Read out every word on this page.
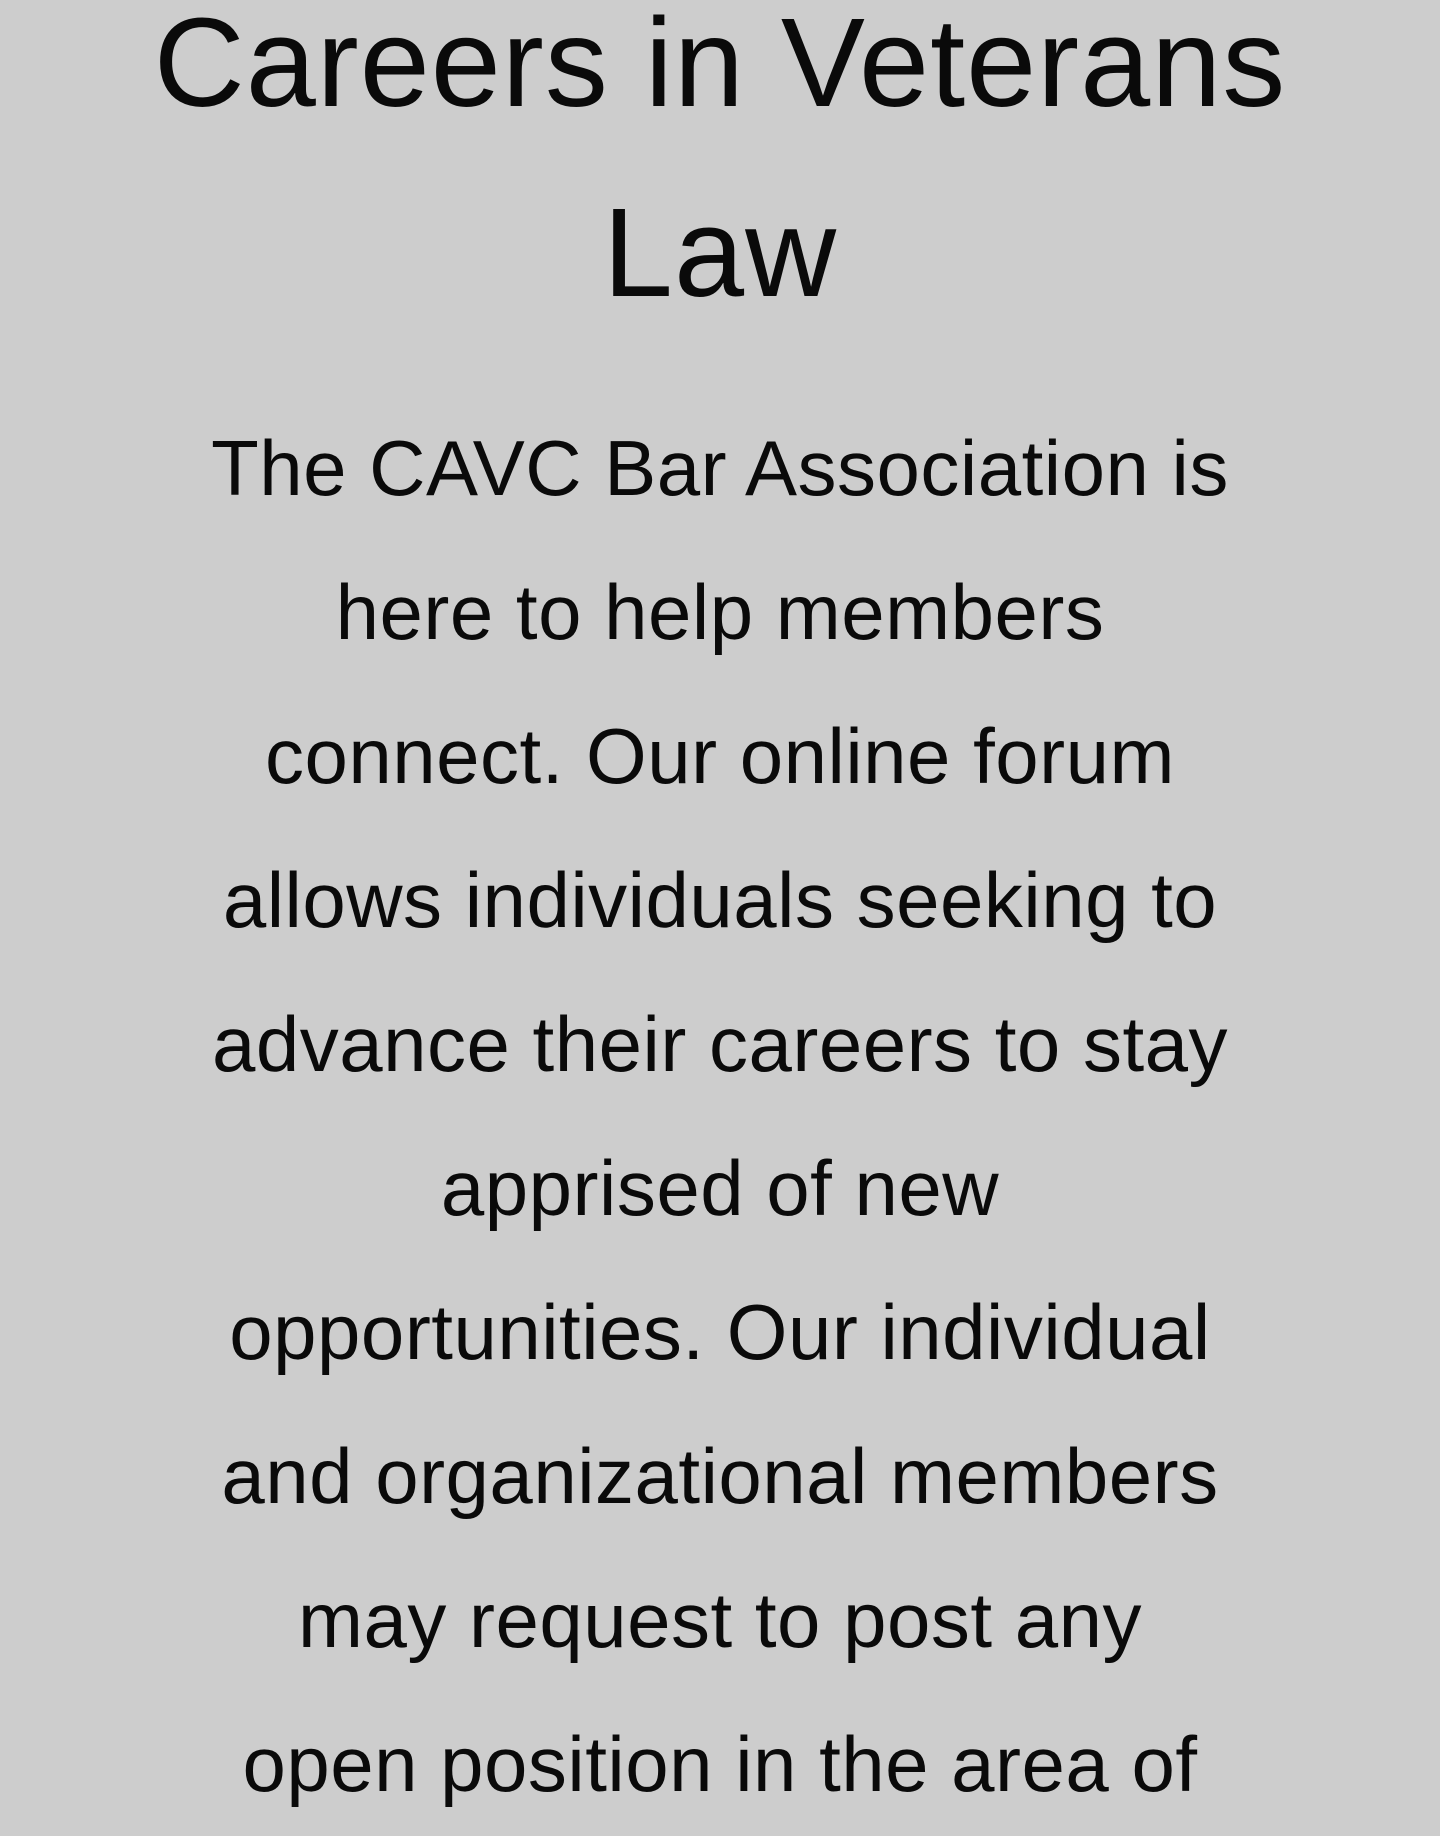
Careers in Veterans
Law

The CAVC Bar Association is
here to help members
connect. Our online forum
allows individuals seeking to
advance their careers to stay
apprised of new
opportunities. Our individual
and organizational members
may request to post any
open position in the area of
